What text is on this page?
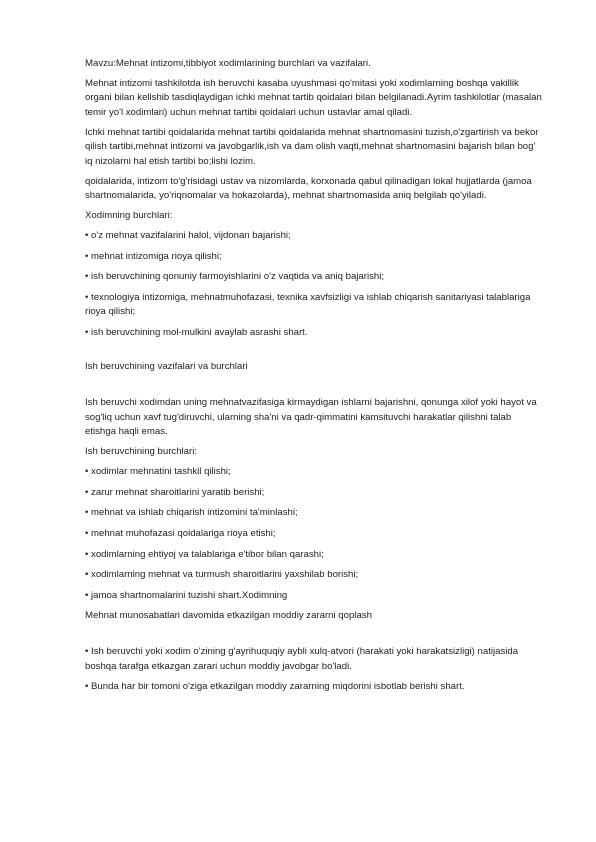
Mavzu:Mehnat intizomi,tibbiyot xodimlarining burchlari va vazifalari.
Mehnat intizomi tashkilotda ish beruvchi kasaba uyushmasi qo'mitasi yoki xodimlarning boshqa vakillik organi bilan kelishib tasdiqlaydigan ichki mehnat tartib qoidalari bilan belgilanadi.Ayrim tashkilotlar (masalan temir yo'l xodimlari) uchun mehnat tartibi qoidalari uchun ustavlar amal qiladi.
Ichki mehnat tartibi qoidalarida mehnat tartibi qoidalarida mehnat shartnomasini tuzish,o'zgartirish va bekor qilish tartibi,mehnat intizomi va javobgarlik,ish va dam olish vaqti,mehnat shartnomasini bajarish bilan bog' iq nizolarni hal etish tartibi bo;lishi lozim.
qoidalarida, intizom to'g'risidagi ustav va nizomlarda, korxonada qabul qilinadigan lokal hujjatlarda (jamoa shartnomalarida, yo'riqnomalar va hokazolarda), mehnat shartnomasida aniq belgilab qo'yiladi.
Xodimning burchlari:
• o'z mehnat vazifalarini halol, vijdonan bajarishi;
• mehnat intizomiga rioya qilishi;
• ish beruvchining qonuniy farmoyishlarini o'z vaqtida va aniq bajarishi;
• texnologiya intizomiga, mehnatmuhofazasi, texnika xavfsizligi va ishlab chiqarish sanitariyasi talablariga rioya qilishi;
• ish beruvchining mol-mulkini avaylab asrashi shart.
Ish beruvchining vazifalari va burchlari
Ish beruvchi xodimdan uning mehnatvazifasiga kirmaydigan ishlarni bajarishni, qonunga xilof yoki hayot va sog'liq uchun xavf tug'diruvchi, ularning sha'ni va qadr-qimmatini kamsituvchi harakatlar qilishni talab etishga haqli emas.
Ish beruvchining burchlari:
• xodimlar mehnatini tashkil qilishi;
• zarur mehnat sharoitlarini yaratib berishi;
• mehnat va ishlab chiqarish intizomini ta'minlashi;
• mehnat muhofazasi qoidalariga rioya etishi;
• xodimlarning ehtiyoj va talablariga e'tibor bilan qarashi;
• xodimlarning mehnat va turmush sharoitlarini yaxshilab borishi;
• jamoa shartnomalarini tuzishi shart.Xodimning
Mehnat munosabatlari davomida etkazilgan moddiy zararni qoplash
• Ish beruvchi yoki xodim o'zining g'ayrihuquqiy aybli xulq-atvori (harakati yoki harakatsizligi) natijasida boshqa tarafga etkazgan zarari uchun moddiy javobgar bo'ladi.
• Bunda har bir tomoni o'ziga etkazilgan moddiy zararning miqdorini isbotlab berishi shart.
